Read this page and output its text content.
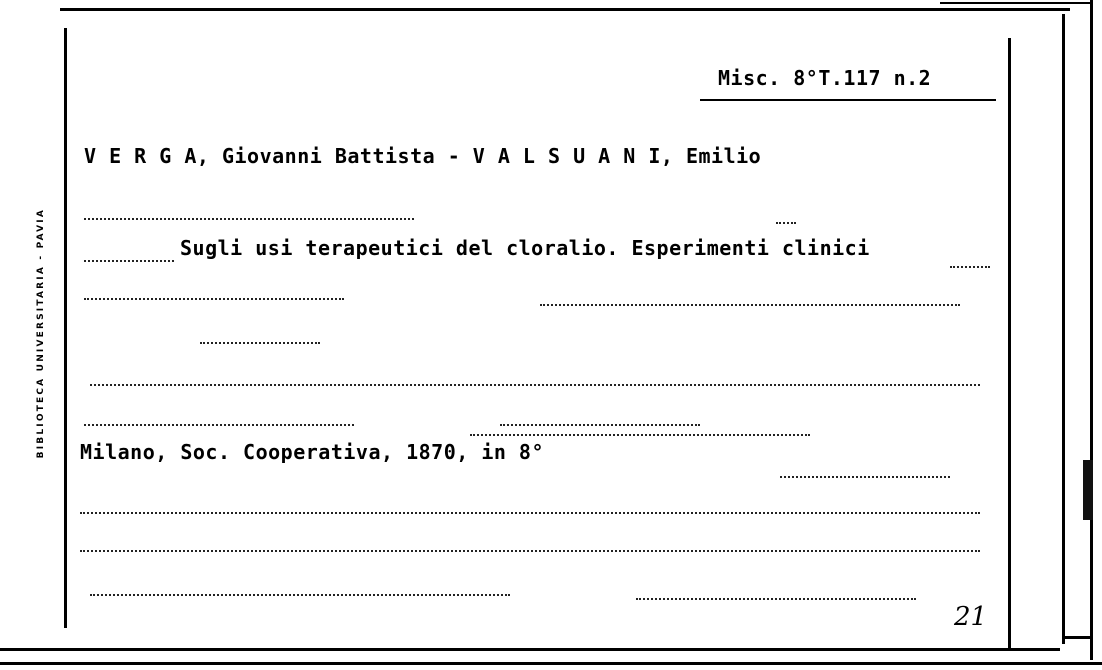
BIBLIOTECA UNIVERSITARIA - PAVIA
Misc. 8°T.117 n.2
V E R G A, Giovanni Battista - V A L S U A N I, Emilio
Sugli usi terapeutici del cloralio. Esperimenti clinici
Milano, Soc. Cooperativa, 1870, in 8°
21
